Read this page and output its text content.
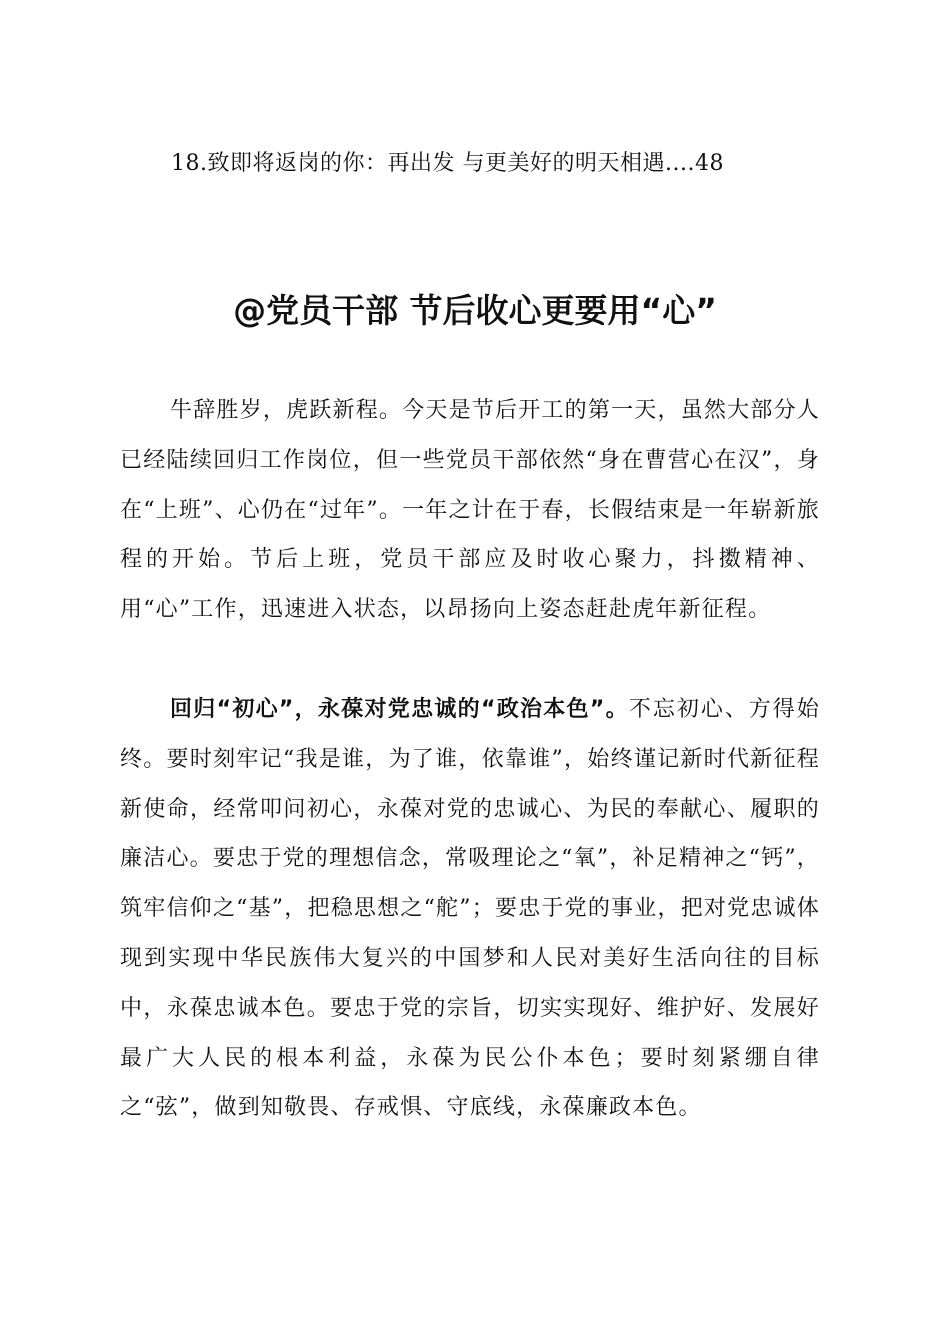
18.致即将返岗的你：再出发 与更美好的明天相遇....48
@党员干部 节后收心更要用“心”
牛辞胜岁，虎跃新程。今天是节后开工的第一天，虽然大部分人已经陆续回归工作岗位，但一些党员干部依然“身在曹营心在汉”，身在“上班”、心仍在“过年”。一年之计在于春，长假结束是一年崭新旅程的开始。节后上班，党员干部应及时收心聚力，抖擞精神、用“心”工作，迅速进入状态，以昂扬向上姿态赶赴虎年新征程。
回归“初心”，永葆对党忠诚的“政治本色”。不忘初心、方得始终。要时刻牢记“我是谁，为了谁，依靠谁”，始终谨记新时代新征程新使命，经常叩问初心，永葆对党的忠诚心、为民的奉献心、履职的廉洁心。要忠于党的理想信念，常吸理论之“氧”，补足精神之“钙”，筑牢信仰之“基”，把稳思想之“舵”；要忠于党的事业，把对党忠诚体现到实现中华民族伟大复兴的中国梦和人民对美好生活向往的目标中，永葆忠诚本色。要忠于党的宗旨，切实实现好、维护好、发展好最广大人民的根本利益，永葆为民公仆本色；要时刻紧绷自律之“弦”，做到知敬畏、存戒惧、守底线，永葆廉政本色。
